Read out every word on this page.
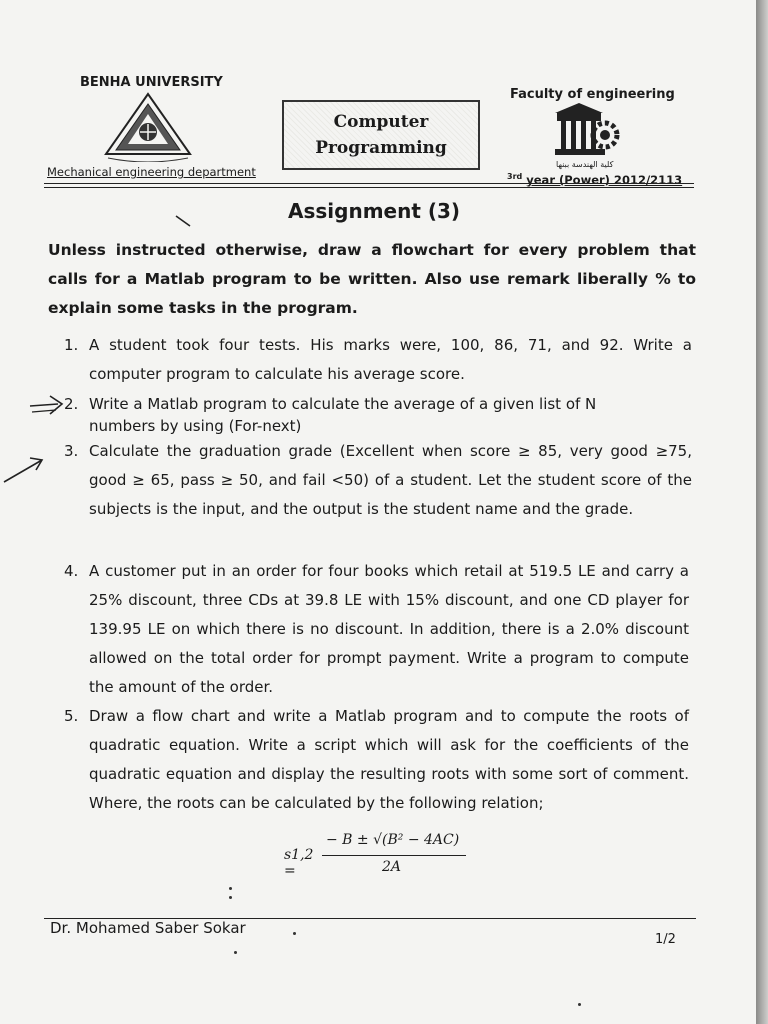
BENHA UNIVERSITY
Faculty of engineering
Computer
Programming
Mechanical engineering department
كلية الهندسة ببنها
$^{3rd}$ year (Power) 2012/2113
Assignment (3)
Unless instructed otherwise, draw a flowchart for every problem that calls for a Matlab program to be written. Also use remark liberally % to explain some tasks in the program.
1. A student took four tests. His marks were, 100, 86, 71, and 92. Write a computer program to calculate his average score.

2. Write a Matlab program to calculate the average of a given list of N numbers by using (For-next)

3. Calculate the graduation grade (Excellent when score ≥ 85, very good ≥75, good ≥ 65, pass ≥ 50, and fail <50) of a student. Let the student score of the subjects is the input, and the output is the student name and the grade.

4. A customer put in an order for four books which retail at 519.5 LE and carry a 25% discount, three CDs at 39.8 LE with 15% discount, and one CD player for 139.95 LE on which there is no discount. In addition, there is a 2.0% discount allowed on the total order for prompt payment. Write a program to compute the amount of the order.

5. Draw a flow chart and write a Matlab program and to compute the roots of quadratic equation. Write a script which will ask for the coefficients of the quadratic equation and display the resulting roots with some sort of comment. Where, the roots can be calculated by the following relation;

s1,2 =
− B ± √(B² − 4AC)
2A
Dr. Mohamed Saber Sokar
1/2
